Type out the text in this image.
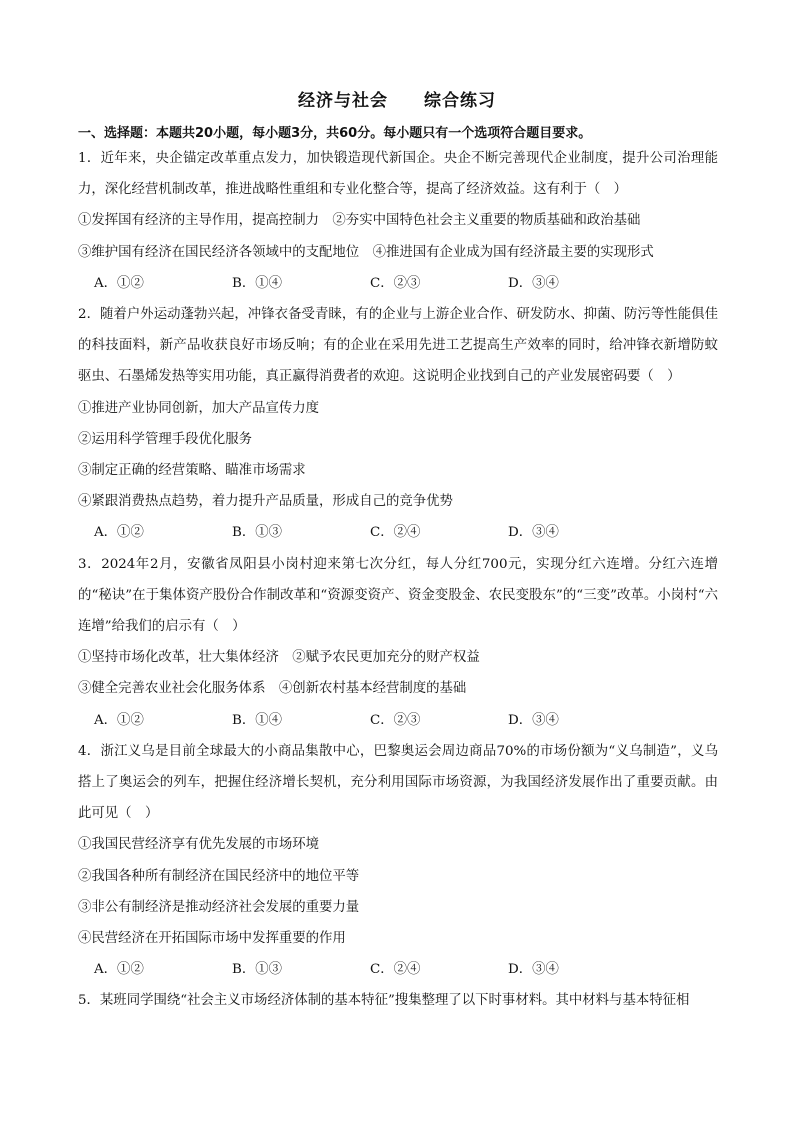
经济与社会　　综合练习
一、选择题：本题共20小题，每小题3分，共60分。每小题只有一个选项符合题目要求。

1．近年来，央企锚定改革重点发力，加快锻造现代新国企。央企不断完善现代企业制度，提升公司治理能力，深化经营机制改革，推进战略性重组和专业化整合等，提高了经济效益。这有利于（　）

①发挥国有经济的主导作用，提高控制力　②夯实中国特色社会主义重要的物质基础和政治基础

③维护国有经济在国民经济各领域中的支配地位　④推进国有企业成为国有经济最主要的实现形式

A．①②	B．①④	C．②③	D．③④

2．随着户外运动蓬勃兴起，冲锋衣备受青睐，有的企业与上游企业合作、研发防水、抑菌、防污等性能俱佳的科技面料，新产品收获良好市场反响；有的企业在采用先进工艺提高生产效率的同时，给冲锋衣新增防蚊驱虫、石墨烯发热等实用功能，真正赢得消费者的欢迎。这说明企业找到自己的产业发展密码要（　）

①推进产业协同创新，加大产品宣传力度

②运用科学管理手段优化服务

③制定正确的经营策略、瞄准市场需求

④紧跟消费热点趋势，着力提升产品质量，形成自己的竞争优势

A．①②	B．①③	C．②④	D．③④

3．2024年2月，安徽省凤阳县小岗村迎来第七次分红，每人分红700元，实现分红六连增。分红六连增的“秘诀”在于集体资产股份合作制改革和“资源变资产、资金变股金、农民变股东”的“三变”改革。小岗村“六连增”给我们的启示有（　）

①坚持市场化改革，壮大集体经济　②赋予农民更加充分的财产权益

③健全完善农业社会化服务体系　④创新农村基本经营制度的基础

A．①②	B．①④	C．②③	D．③④

4．浙江义乌是目前全球最大的小商品集散中心，巴黎奥运会周边商品70%的市场份额为“义乌制造”，义乌搭上了奥运会的列车，把握住经济增长契机，充分利用国际市场资源，为我国经济发展作出了重要贡献。由此可见（　）

①我国民营经济享有优先发展的市场环境

②我国各种所有制经济在国民经济中的地位平等

③非公有制经济是推动经济社会发展的重要力量

④民营经济在开拓国际市场中发挥重要的作用

A．①②	B．①③	C．②④	D．③④

5．某班同学围绕“社会主义市场经济体制的基本特征”搜集整理了以下时事材料。其中材料与基本特征相
